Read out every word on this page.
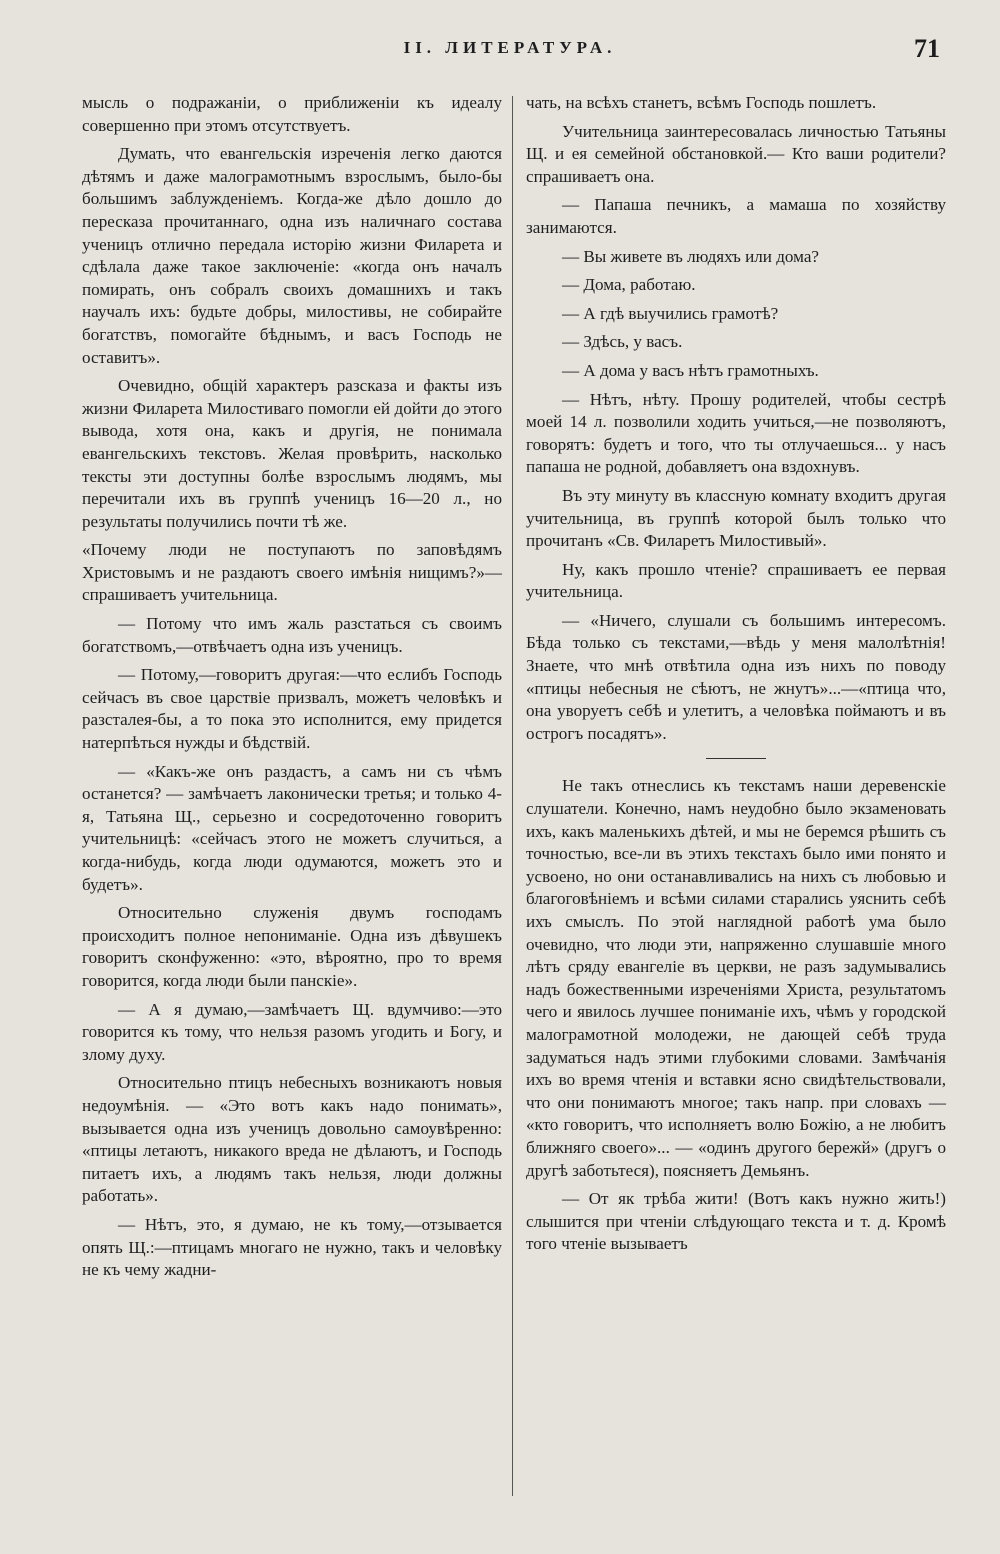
II. ЛИТЕРАТУРА.	71

мысль о подражаніи, о приближеніи къ идеалу совершенно при этомъ отсутствуетъ.

Думать, что евангельскія изреченія легко даются дѣтямъ и даже малограмотнымъ взрослымъ, было-бы большимъ заблужденіемъ. Когда-же дѣло дошло до пересказа прочитаннаго, одна изъ наличнаго состава ученицъ отлично передала исторію жизни Филарета и сдѣлала даже такое заключеніе: «когда онъ началъ помирать, онъ собралъ своихъ домашнихъ и такъ научалъ ихъ: будьте добры, милостивы, не собирайте богатствъ, помогайте бѣднымъ, и васъ Господь не оставитъ».

Очевидно, общій характеръ разсказа и факты изъ жизни Филарета Милостиваго помогли ей дойти до этого вывода, хотя она, какъ и другія, не понимала евангельскихъ текстовъ. Желая провѣрить, насколько тексты эти доступны болѣе взрослымъ людямъ, мы перечитали ихъ въ группѣ ученицъ 16—20 л., но результаты получились почти тѣ же.

«Почему люди не поступаютъ по заповѣдямъ Христовымъ и не раздаютъ своего имѣнія нищимъ?»—спрашиваетъ учительница.

— Потому что имъ жаль разстаться съ своимъ богатствомъ,—отвѣчаетъ одна изъ ученицъ.

— Потому,—говоритъ другая:—что еслибъ Господь сейчасъ въ свое царствіе призвалъ, можетъ человѣкъ и разсталея-бы, а то пока это исполнится, ему придется натерпѣться нужды и бѣдствій.

— «Какъ-же онъ раздастъ, а самъ ни съ чѣмъ останется? — замѣчаетъ лаконически третья; и только 4-я, Татьяна Щ., серьезно и сосредоточенно говоритъ учительницѣ: «сейчасъ этого не можетъ случиться, а когда-нибудь, когда люди одумаются, можетъ это и будетъ».

Относительно служенія двумъ господамъ происходитъ полное непониманіе. Одна изъ дѣвушекъ говоритъ сконфуженно: «это, вѣроятно, про то время говорится, когда люди были панскіе».

— А я думаю,—замѣчаетъ Щ. вдумчиво:—это говорится къ тому, что нельзя разомъ угодить и Богу, и злому духу.

Относительно птицъ небесныхъ возникаютъ новыя недоумѣнія. — «Это вотъ какъ надо понимать», вызывается одна изъ ученицъ довольно самоувѣренно: «птицы летаютъ, никакого вреда не дѣлаютъ, и Господь питаетъ ихъ, а людямъ такъ нельзя, люди должны работать».

— Нѣтъ, это, я думаю, не къ тому,—отзывается опять Щ.:—птицамъ многаго не нужно, такъ и человѣку не къ чему жадни-

чать, на всѣхъ станетъ, всѣмъ Господь пошлетъ.

Учительница заинтересовалась личностью Татьяны Щ. и ея семейной обстановкой.— Кто ваши родители? спрашиваетъ она.

— Папаша печникъ, а мамаша по хозяйству занимаются.

— Вы живете въ людяхъ или дома?

— Дома, работаю.

— А гдѣ выучились грамотѣ?

— Здѣсь, у васъ.

— А дома у васъ нѣтъ грамотныхъ.

— Нѣтъ, нѣту. Прошу родителей, чтобы сестрѣ моей 14 л. позволили ходить учиться,—не позволяютъ, говорятъ: будетъ и того, что ты отлучаешься... у насъ папаша не родной, добавляетъ она вздохнувъ.

Въ эту минуту въ классную комнату входитъ другая учительница, въ группѣ которой былъ только что прочитанъ «Св. Филаретъ Милостивый».

Ну, какъ прошло чтеніе? спрашиваетъ ее первая учительница.

— «Ничего, слушали съ большимъ интересомъ. Бѣда только съ текстами,—вѣдь у меня малолѣтнія! Знаете, что мнѣ отвѣтила одна изъ нихъ по поводу «птицы небесныя не сѣютъ, не жнутъ»...—«птица что, она уворуетъ себѣ и улетитъ, а человѣка поймаютъ и въ острогъ посадятъ».

Не такъ отнеслись къ текстамъ наши деревенскіе слушатели. Конечно, намъ неудобно было экзаменовать ихъ, какъ маленькихъ дѣтей, и мы не беремся рѣшить съ точностью, все-ли въ этихъ текстахъ было ими понято и усвоено, но они останавливались на нихъ съ любовью и благоговѣніемъ и всѣми силами старались уяснить себѣ ихъ смыслъ. По этой наглядной работѣ ума было очевидно, что люди эти, напряженно слушавшіе много лѣтъ сряду евангеліе въ церкви, не разъ задумывались надъ божественными изреченіями Христа, результатомъ чего и явилось лучшее пониманіе ихъ, чѣмъ у городской малограмотной молодежи, не дающей себѣ труда задуматься надъ этими глубокими словами. Замѣчанія ихъ во время чтенія и вставки ясно свидѣтельствовали, что они понимаютъ многое; такъ напр. при словахъ — «кто говоритъ, что исполняетъ волю Божію, а не любитъ ближняго своего»... — «одинъ другого бережй» (другъ о другѣ заботьтеся), поясняетъ Демьянъ.

— От як трѣба жити! (Вотъ какъ нужно жить!) слышится при чтеніи слѣдующаго текста и т. д. Кромѣ того чтеніе вызываетъ
